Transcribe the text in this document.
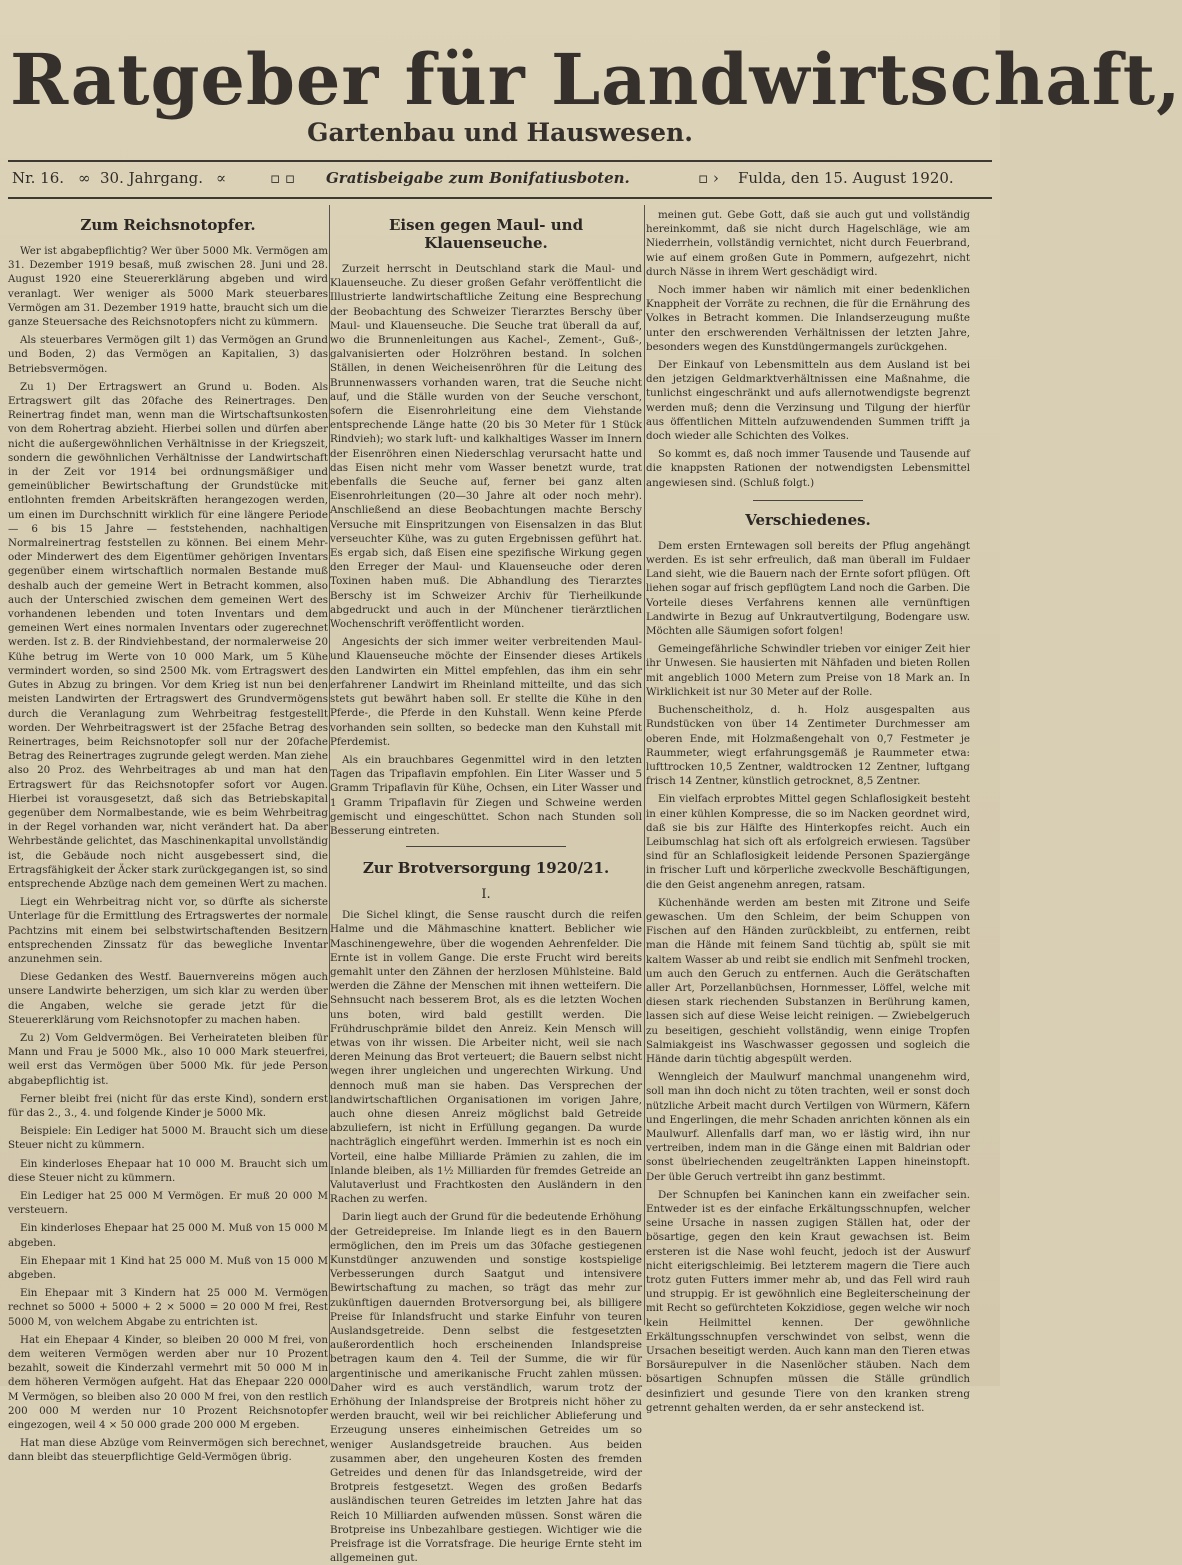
Ratgeber für Landwirtschaft,
Gartenbau und Hauswesen.
Nr. 16. ∞ 30. Jahrgang. ∝	▫ ▫ Gratisbeigabe zum Bonifatiusboten.	▫ › Fulda, den 15. August 1920.
Zum Reichsnotopfer.

Wer ist abgabepflichtig? Wer über 5000 Mk. Vermögen am 31. Dezember 1919 besaß, muß zwischen 28. Juni und 28. August 1920 eine Steuererklärung abgeben und wird veranlagt. Wer weniger als 5000 Mark steuerbares Vermögen am 31. Dezember 1919 hatte, braucht sich um die ganze Steuersache des Reichsnotopfers nicht zu kümmern.

Als steuerbares Vermögen gilt 1) das Vermögen an Grund und Boden, 2) das Vermögen an Kapitalien, 3) das Betriebsvermögen.

Zu 1) Der Ertragswert an Grund u. Boden. Als Ertragswert gilt das 20fache des Reinertrages. Den Reinertrag findet man, wenn man die Wirtschaftsunkosten von dem Rohertrag abzieht. Hierbei sollen und dürfen aber nicht die außergewöhnlichen Verhältnisse in der Kriegszeit, sondern die gewöhnlichen Verhältnisse der Landwirtschaft in der Zeit vor 1914 bei ordnungsmäßiger und gemeinüblicher Bewirtschaftung der Grundstücke mit entlohnten fremden Arbeitskräften herangezogen werden, um einen im Durchschnitt wirklich für eine längere Periode — 6 bis 15 Jahre — feststehenden, nachhaltigen Normalreinertrag feststellen zu können. Bei einem Mehr- oder Minderwert des dem Eigentümer gehörigen Inventars gegenüber einem wirtschaftlich normalen Bestande muß deshalb auch der gemeine Wert in Betracht kommen, also auch der Unterschied zwischen dem gemeinen Wert des vorhandenen lebenden und toten Inventars und dem gemeinen Wert eines normalen Inventars oder zugerechnet werden. Ist z. B. der Rindviehbestand, der normalerweise 20 Kühe betrug im Werte von 10 000 Mark, um 5 Kühe vermindert worden, so sind 2500 Mk. vom Ertragswert des Gutes in Abzug zu bringen. Vor dem Krieg ist nun bei den meisten Landwirten der Ertragswert des Grundvermögens durch die Veranlagung zum Wehrbeitrag festgestellt worden. Der Wehrbeitragswert ist der 25fache Betrag des Reinertrages, beim Reichsnotopfer soll nur der 20fache Betrag des Reinertrages zugrunde gelegt werden. Man ziehe also 20 Proz. des Wehrbeitrages ab und man hat den Ertragswert für das Reichsnotopfer sofort vor Augen. Hierbei ist vorausgesetzt, daß sich das Betriebskapital gegenüber dem Normalbestande, wie es beim Wehrbeitrag in der Regel vorhanden war, nicht verändert hat. Da aber Wehrbestände gelichtet, das Maschinenkapital unvollständig ist, die Gebäude noch nicht ausgebessert sind, die Ertragsfähigkeit der Äcker stark zurückgegangen ist, so sind entsprechende Abzüge nach dem gemeinen Wert zu machen.

Liegt ein Wehrbeitrag nicht vor, so dürfte als sicherste Unterlage für die Ermittlung des Ertragswertes der normale Pachtzins mit einem bei selbstwirtschaftenden Besitzern entsprechenden Zinssatz für das bewegliche Inventar anzunehmen sein.

Diese Gedanken des Westf. Bauernvereins mögen auch unsere Landwirte beherzigen, um sich klar zu werden über die Angaben, welche sie gerade jetzt für die Steuererklärung vom Reichsnotopfer zu machen haben.

Zu 2) Vom Geldvermögen. Bei Verheirateten bleiben für Mann und Frau je 5000 Mk., also 10 000 Mark steuerfrei, weil erst das Vermögen über 5000 Mk. für jede Person abgabepflichtig ist.

Ferner bleibt frei (nicht für das erste Kind), sondern erst für das 2., 3., 4. und folgende Kinder je 5000 Mk.

Beispiele: Ein Lediger hat 5000 M. Braucht sich um diese Steuer nicht zu kümmern.

Ein kinderloses Ehepaar hat 10 000 M. Braucht sich um diese Steuer nicht zu kümmern.

Ein Lediger hat 25 000 M Vermögen. Er muß 20 000 M versteuern.

Ein kinderloses Ehepaar hat 25 000 M. Muß von 15 000 M abgeben.

Ein Ehepaar mit 1 Kind hat 25 000 M. Muß von 15 000 M abgeben.

Ein Ehepaar mit 3 Kindern hat 25 000 M. Vermögen rechnet so 5000 + 5000 + 2 × 5000 = 20 000 M frei, Rest 5000 M, von welchem Abgabe zu entrichten ist.

Hat ein Ehepaar 4 Kinder, so bleiben 20 000 M frei, von dem weiteren Vermögen werden aber nur 10 Prozent bezahlt, soweit die Kinderzahl vermehrt mit 50 000 M in dem höheren Vermögen aufgeht. Hat das Ehepaar 220 000 M Vermögen, so bleiben also 20 000 M frei, von den restlich 200 000 M werden nur 10 Prozent Reichsnotopfer eingezogen, weil 4 × 50 000 grade 200 000 M ergeben.

Hat man diese Abzüge vom Reinvermögen sich berechnet, dann bleibt das steuerpflichtige Geld-Vermögen übrig.

Eisen gegen Maul- und Klauenseuche.

Zurzeit herrscht in Deutschland stark die Maul- und Klauenseuche. Zu dieser großen Gefahr veröffentlicht die Illustrierte landwirtschaftliche Zeitung eine Besprechung der Beobachtung des Schweizer Tierarztes Berschy über Maul- und Klauenseuche. Die Seuche trat überall da auf, wo die Brunnenleitungen aus Kachel-, Zement-, Guß-, galvanisierten oder Holzröhren bestand. In solchen Ställen, in denen Weicheisenröhren für die Leitung des Brunnenwassers vorhanden waren, trat die Seuche nicht auf, und die Ställe wurden von der Seuche verschont, sofern die Eisenrohrleitung eine dem Viehstande entsprechende Länge hatte (20 bis 30 Meter für 1 Stück Rindvieh); wo stark luft- und kalkhaltiges Wasser im Innern der Eisenröhren einen Niederschlag verursacht hatte und das Eisen nicht mehr vom Wasser benetzt wurde, trat ebenfalls die Seuche auf, ferner bei ganz alten Eisenrohrleitungen (20—30 Jahre alt oder noch mehr). Anschließend an diese Beobachtungen machte Berschy Versuche mit Einspritzungen von Eisensalzen in das Blut verseuchter Kühe, was zu guten Ergebnissen geführt hat. Es ergab sich, daß Eisen eine spezifische Wirkung gegen den Erreger der Maul- und Klauenseuche oder deren Toxinen haben muß. Die Abhandlung des Tierarztes Berschy ist im Schweizer Archiv für Tierheilkunde abgedruckt und auch in der Münchener tierärztlichen Wochenschrift veröffentlicht worden.

Angesichts der sich immer weiter verbreitenden Maul- und Klauenseuche möchte der Einsender dieses Artikels den Landwirten ein Mittel empfehlen, das ihm ein sehr erfahrener Landwirt im Rheinland mitteilte, und das sich stets gut bewährt haben soll. Er stellte die Kühe in den Pferde-, die Pferde in den Kuhstall. Wenn keine Pferde vorhanden sein sollten, so bedecke man den Kuhstall mit Pferdemist.

Als ein brauchbares Gegenmittel wird in den letzten Tagen das Tripaflavin empfohlen. Ein Liter Wasser und 5 Gramm Tripaflavin für Kühe, Ochsen, ein Liter Wasser und 1 Gramm Tripaflavin für Ziegen und Schweine werden gemischt und eingeschüttet. Schon nach Stunden soll Besserung eintreten.

Zur Brotversorgung 1920/21.
I.

Die Sichel klingt, die Sense rauscht durch die reifen Halme und die Mähmaschine knattert. Beblicher wie Maschinengewehre, über die wogenden Aehrenfelder. Die Ernte ist in vollem Gange. Die erste Frucht wird bereits gemahlt unter den Zähnen der herzlosen Mühlsteine. Bald werden die Zähne der Menschen mit ihnen wetteifern. Die Sehnsucht nach besserem Brot, als es die letzten Wochen uns boten, wird bald gestillt werden. Die Frühdruschprämie bildet den Anreiz. Kein Mensch will etwas von ihr wissen. Die Arbeiter nicht, weil sie nach deren Meinung das Brot verteuert; die Bauern selbst nicht wegen ihrer ungleichen und ungerechten Wirkung. Und dennoch muß man sie haben. Das Versprechen der landwirtschaftlichen Organisationen im vorigen Jahre, auch ohne diesen Anreiz möglichst bald Getreide abzuliefern, ist nicht in Erfüllung gegangen. Da wurde nachträglich eingeführt werden. Immerhin ist es noch ein Vorteil, eine halbe Milliarde Prämien zu zahlen, die im Inlande bleiben, als 1½ Milliarden für fremdes Getreide an Valutaverlust und Frachtkosten den Ausländern in den Rachen zu werfen.

Darin liegt auch der Grund für die bedeutende Erhöhung der Getreidepreise. Im Inlande liegt es in den Bauern ermöglichen, den im Preis um das 30fache gestiegenen Kunstdünger anzuwenden und sonstige kostspielige Verbesserungen durch Saatgut und intensivere Bewirtschaftung zu machen, so trägt das mehr zur zukünftigen dauernden Brotversorgung bei, als billigere Preise für Inlandsfrucht und starke Einfuhr von teuren Auslandsgetreide. Denn selbst die festgesetzten außerordentlich hoch erscheinenden Inlandspreise betragen kaum den 4. Teil der Summe, die wir für argentinische und amerikanische Frucht zahlen müssen. Daher wird es auch verständlich, warum trotz der Erhöhung der Inlandspreise der Brotpreis nicht höher zu werden braucht, weil wir bei reichlicher Ablieferung und Erzeugung unseres einheimischen Getreides um so weniger Auslandsgetreide brauchen. Aus beiden zusammen aber, den ungeheuren Kosten des fremden Getreides und denen für das Inlandsgetreide, wird der Brotpreis festgesetzt. Wegen des großen Bedarfs ausländischen teuren Getreides im letzten Jahre hat das Reich 10 Milliarden aufwenden müssen. Sonst wären die Brotpreise ins Unbezahlbare gestiegen. Wichtiger wie die Preisfrage ist die Vorratsfrage. Die heurige Ernte steht im allgemeinen gut.

meinen gut. Gebe Gott, daß sie auch gut und vollständig hereinkommt, daß sie nicht durch Hagelschläge, wie am Niederrhein, vollständig vernichtet, nicht durch Feuerbrand, wie auf einem großen Gute in Pommern, aufgezehrt, nicht durch Nässe in ihrem Wert geschädigt wird.

Noch immer haben wir nämlich mit einer bedenklichen Knappheit der Vorräte zu rechnen, die für die Ernährung des Volkes in Betracht kommen. Die Inlandserzeugung mußte unter den erschwerenden Verhältnissen der letzten Jahre, besonders wegen des Kunstdüngermangels zurückgehen.

Der Einkauf von Lebensmitteln aus dem Ausland ist bei den jetzigen Geldmarktverhältnissen eine Maßnahme, die tunlichst eingeschränkt und aufs allernotwendigste begrenzt werden muß; denn die Verzinsung und Tilgung der hierfür aus öffentlichen Mitteln aufzuwendenden Summen trifft ja doch wieder alle Schichten des Volkes.

So kommt es, daß noch immer Tausende und Tausende auf die knappsten Rationen der notwendigsten Lebensmittel angewiesen sind. (Schluß folgt.)

Verschiedenes.

Dem ersten Erntewagen soll bereits der Pflug angehängt werden. Es ist sehr erfreulich, daß man überall im Fuldaer Land sieht, wie die Bauern nach der Ernte sofort pflügen. Oft liehen sogar auf frisch gepflügtem Land noch die Garben. Die Vorteile dieses Verfahrens kennen alle vernünftigen Landwirte in Bezug auf Unkrautvertilgung, Bodengare usw. Möchten alle Säumigen sofort folgen!

Gemeingefährliche Schwindler trieben vor einiger Zeit hier ihr Unwesen. Sie hausierten mit Nähfaden und bieten Rollen mit angeblich 1000 Metern zum Preise von 18 Mark an. In Wirklichkeit ist nur 30 Meter auf der Rolle.

Buchenscheitholz, d. h. Holz ausgespalten aus Rundstücken von über 14 Zentimeter Durchmesser am oberen Ende, mit Holzmaßengehalt von 0,7 Festmeter je Raummeter, wiegt erfahrungsgemäß je Raummeter etwa: lufttrocken 10,5 Zentner, waldtrocken 12 Zentner, luftgang frisch 14 Zentner, künstlich getrocknet, 8,5 Zentner.

Ein vielfach erprobtes Mittel gegen Schlaflosigkeit besteht in einer kühlen Kompresse, die so im Nacken geordnet wird, daß sie bis zur Hälfte des Hinterkopfes reicht. Auch ein Leibumschlag hat sich oft als erfolgreich erwiesen. Tagsüber sind für an Schlaflosigkeit leidende Personen Spaziergänge in frischer Luft und körperliche zweckvolle Beschäftigungen, die den Geist angenehm anregen, ratsam.

Küchenhände werden am besten mit Zitrone und Seife gewaschen. Um den Schleim, der beim Schuppen von Fischen auf den Händen zurückbleibt, zu entfernen, reibt man die Hände mit feinem Sand tüchtig ab, spült sie mit kaltem Wasser ab und reibt sie endlich mit Senfmehl trocken, um auch den Geruch zu entfernen. Auch die Gerätschaften aller Art, Porzellanbüchsen, Hornmesser, Löffel, welche mit diesen stark riechenden Substanzen in Berührung kamen, lassen sich auf diese Weise leicht reinigen. — Zwiebelgeruch zu beseitigen, geschieht vollständig, wenn einige Tropfen Salmiakgeist ins Waschwasser gegossen und sogleich die Hände darin tüchtig abgespült werden.

Wenngleich der Maulwurf manchmal unangenehm wird, soll man ihn doch nicht zu töten trachten, weil er sonst doch nützliche Arbeit macht durch Vertilgen von Würmern, Käfern und Engerlingen, die mehr Schaden anrichten können als ein Maulwurf. Allenfalls darf man, wo er lästig wird, ihn nur vertreiben, indem man in die Gänge einen mit Baldrian oder sonst übelriechenden zeugeltränkten Lappen hineinstopft. Der üble Geruch vertreibt ihn ganz bestimmt.

Der Schnupfen bei Kaninchen kann ein zweifacher sein. Entweder ist es der einfache Erkältungsschnupfen, welcher seine Ursache in nassen zugigen Ställen hat, oder der bösartige, gegen den kein Kraut gewachsen ist. Beim ersteren ist die Nase wohl feucht, jedoch ist der Auswurf nicht eiterigschleimig. Bei letzterem magern die Tiere auch trotz guten Futters immer mehr ab, und das Fell wird rauh und struppig. Er ist gewöhnlich eine Begleiterscheinung der mit Recht so gefürchteten Kokzidiose, gegen welche wir noch kein Heilmittel kennen. Der gewöhnliche Erkältungsschnupfen verschwindet von selbst, wenn die Ursachen beseitigt werden. Auch kann man den Tieren etwas Borsäurepulver in die Nasenlöcher stäuben. Nach dem bösartigen Schnupfen müssen die Ställe gründlich desinfiziert und gesunde Tiere von den kranken streng getrennt gehalten werden, da er sehr ansteckend ist.
